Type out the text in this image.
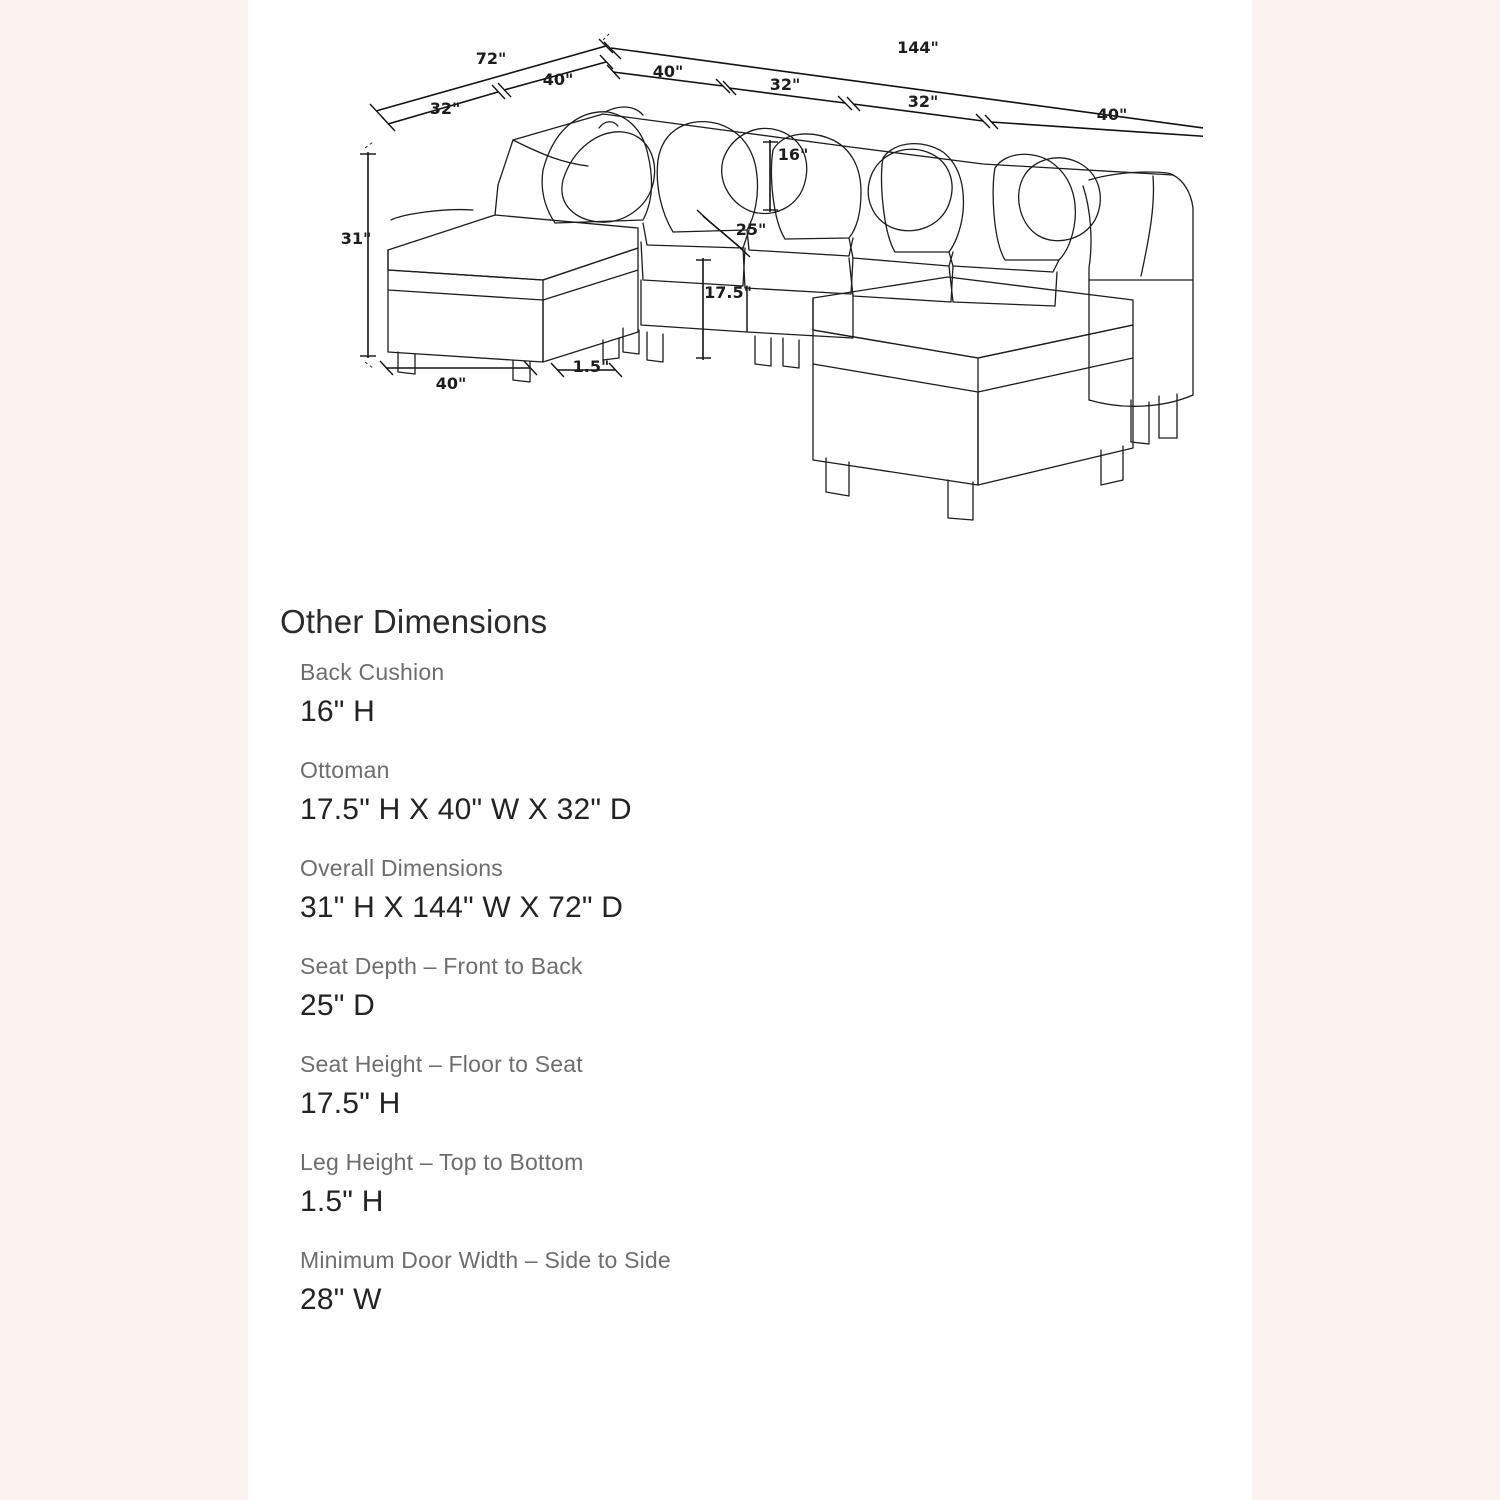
144"
72"
40"	40"
32"
32"
40"
32"
16"
25"
31"
17.5"
40"
1.5"
Other Dimensions
Back Cushion
16" H
Ottoman
17.5" H X 40" W X 32" D
Overall Dimensions
31" H X 144" W X 72" D
Seat Depth – Front to Back
25" D
Seat Height – Floor to Seat
17.5" H
Leg Height – Top to Bottom
1.5" H
Minimum Door Width – Side to Side
28" W
